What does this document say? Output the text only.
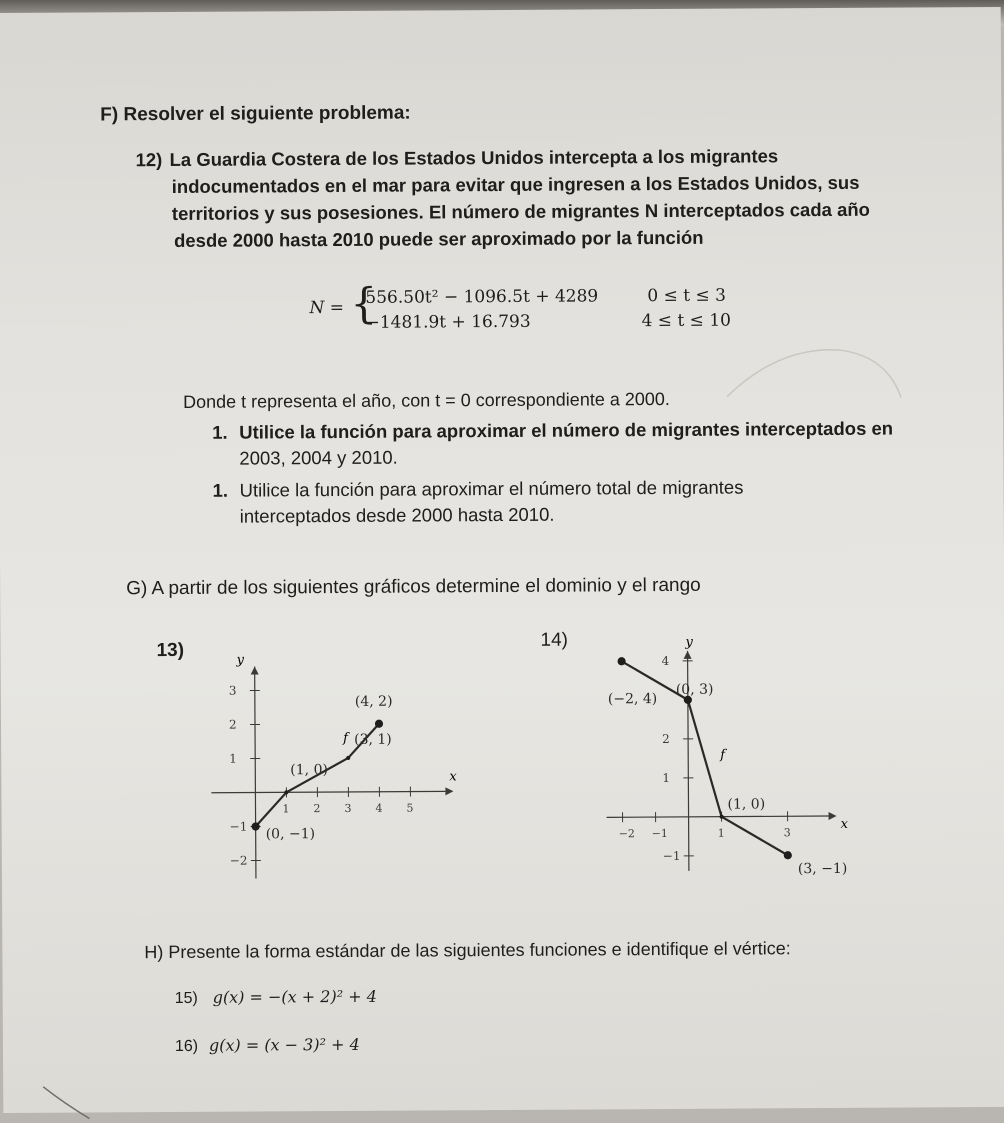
F) Resolver el siguiente problema:
12) La Guardia Costera de los Estados Unidos intercepta a los migrantes
indocumentados en el mar para evitar que ingresen a los Estados Unidos, sus
territorios y sus posesiones. El número de migrantes N interceptados cada año
desde 2000 hasta 2010 puede ser aproximado por la función
N = {
556.50t² − 1096.5t + 4289	0 ≤ t ≤ 3
−1481.9t + 16.793	4 ≤ t ≤ 10
Donde t representa el año, con t = 0 correspondiente a 2000.
1. Utilice la función para aproximar el número de migrantes interceptados en
2003, 2004 y 2010.
1. Utilice la función para aproximar el número total de migrantes
interceptados desde 2000 hasta 2010.
G) A partir de los siguientes gráficos determine el dominio y el rango
13)	14)
x
y
1 2 3 4 5
3
2
1
−1
−2
(0, −1)
(1, 0)
(3, 1)
(4, 2)
f
x
y
−2 −1	1	3
4
2
1
−1
(−2, 4)
(0, 3)
(1, 0)
(3, −1)
f
H) Presente la forma estándar de las siguientes funciones e identifique el vértice:
15) g(x) = −(x + 2)² + 4
16) g(x) = (x − 3)² + 4
